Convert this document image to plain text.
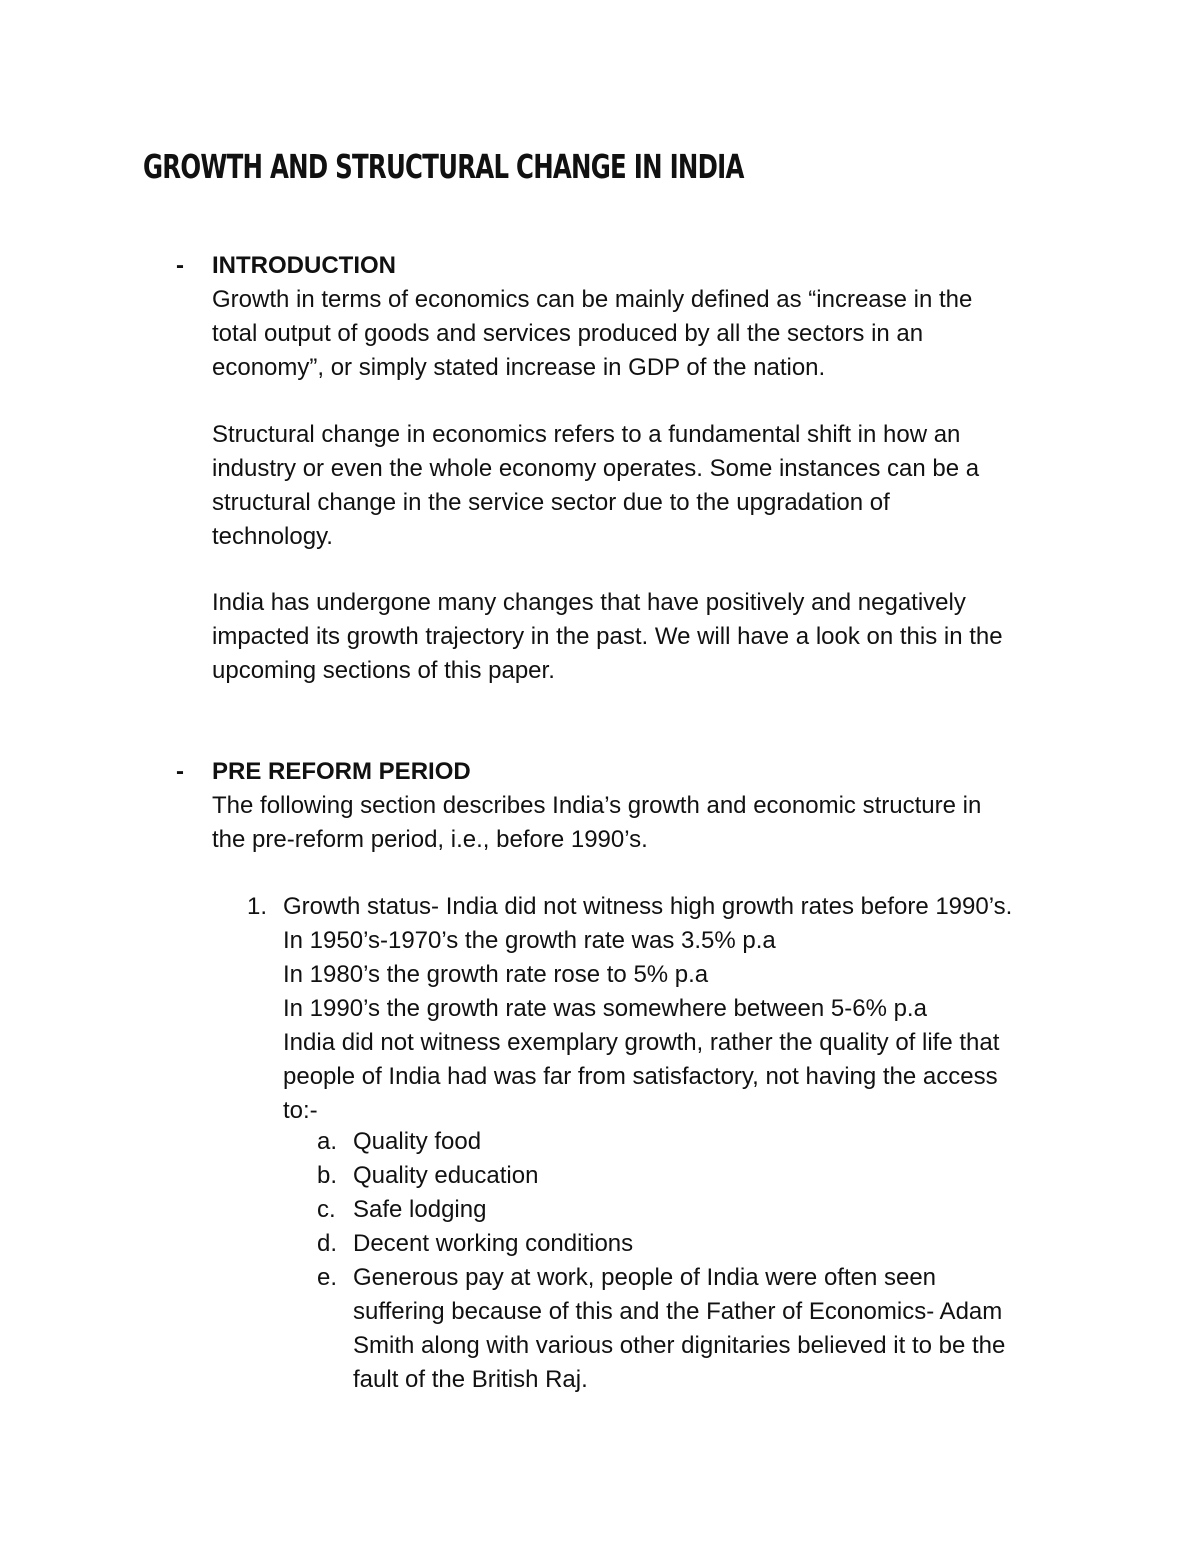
GROWTH AND STRUCTURAL CHANGE IN INDIA
- INTRODUCTION
Growth in terms of economics can be mainly defined as “increase in the
total output of goods and services produced by all the sectors in an
economy”, or simply stated increase in GDP of the nation.
Structural change in economics refers to a fundamental shift in how an
industry or even the whole economy operates. Some instances can be a
structural change in the service sector due to the upgradation of
technology.
India has undergone many changes that have positively and negatively
impacted its growth trajectory in the past. We will have a look on this in the
upcoming sections of this paper.
- PRE REFORM PERIOD
The following section describes India’s growth and economic structure in
the pre-reform period, i.e., before 1990’s.
1. Growth status- India did not witness high growth rates before 1990’s.
In 1950’s-1970’s the growth rate was 3.5% p.a
In 1980’s the growth rate rose to 5% p.a
In 1990’s the growth rate was somewhere between 5-6% p.a
India did not witness exemplary growth, rather the quality of life that
people of India had was far from satisfactory, not having the access
to:-
a. Quality food
b. Quality education
c. Safe lodging
d. Decent working conditions
e. Generous pay at work, people of India were often seen
suffering because of this and the Father of Economics- Adam
Smith along with various other dignitaries believed it to be the
fault of the British Raj.
